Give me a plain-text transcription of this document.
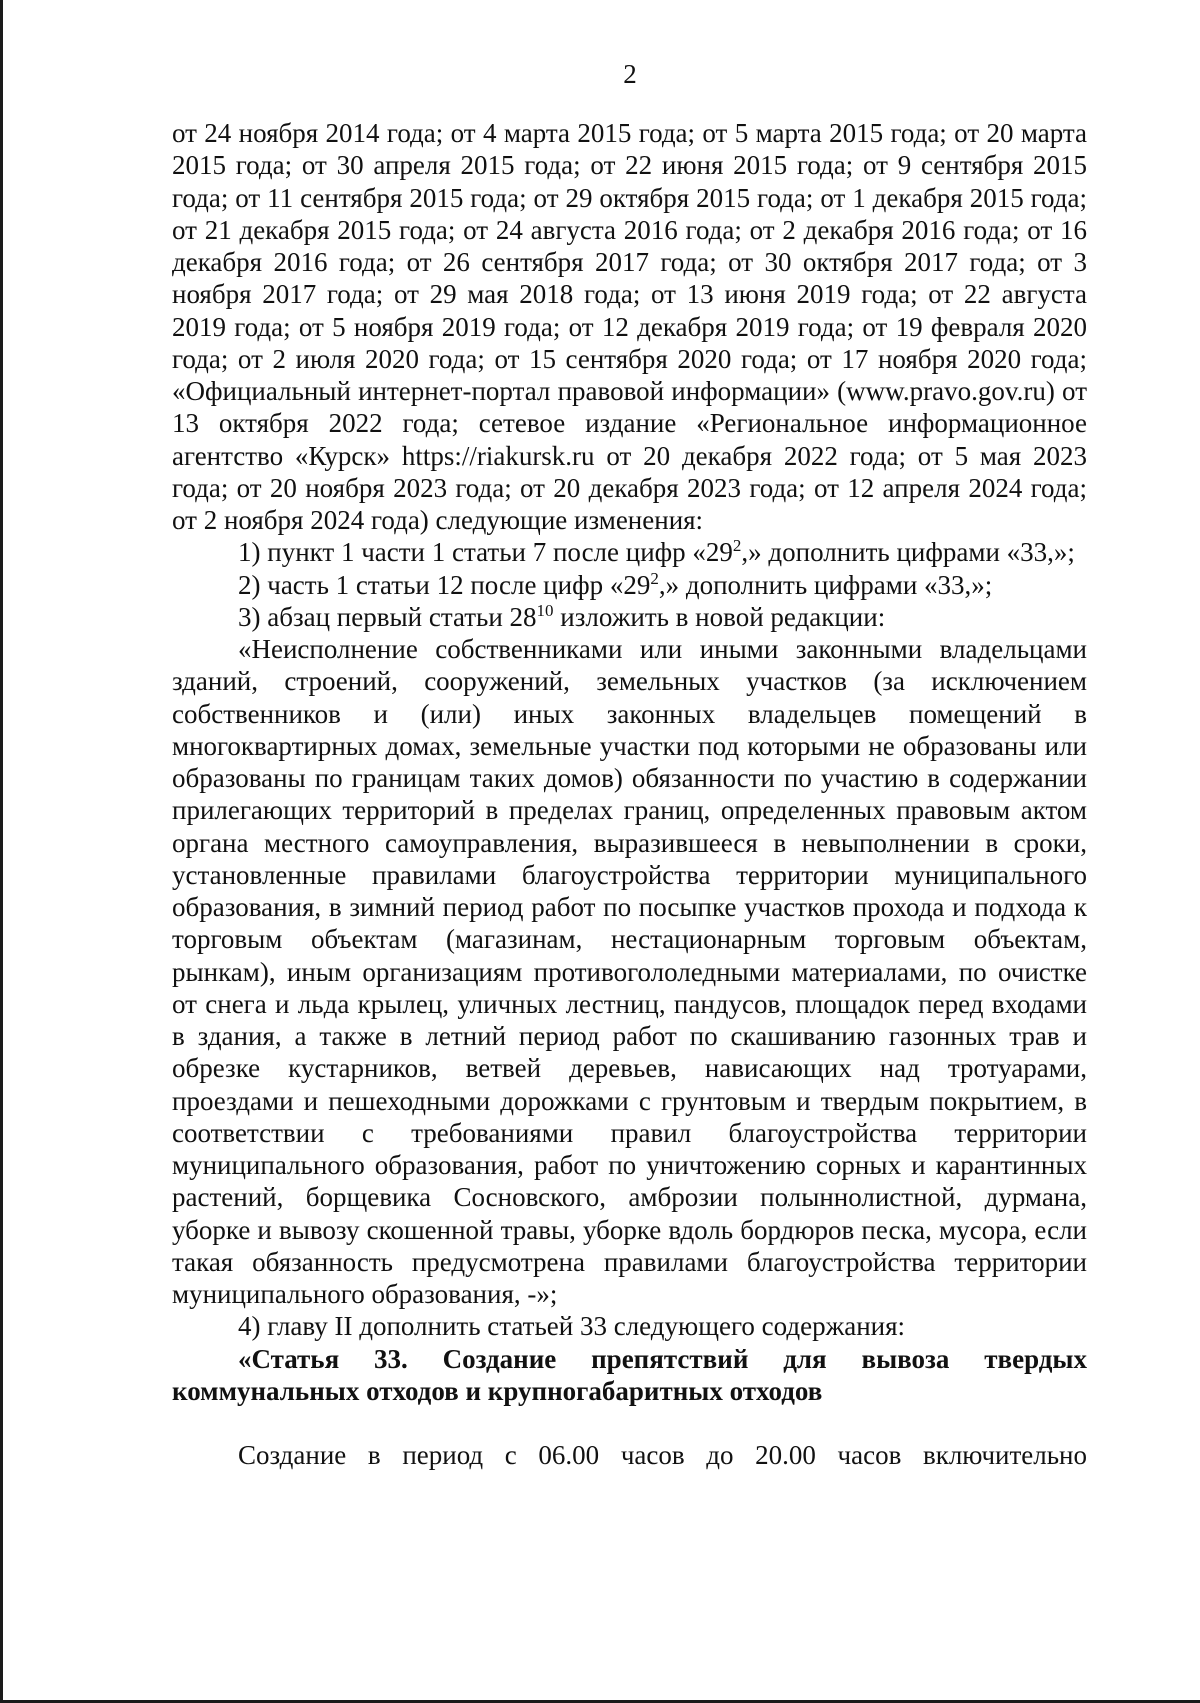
2

от 24 ноября 2014 года; от 4 марта 2015 года; от 5 марта 2015 года; от 20 марта 2015 года; от 30 апреля 2015 года; от 22 июня 2015 года; от 9 сентября 2015 года; от 11 сентября 2015 года; от 29 октября 2015 года; от 1 декабря 2015 года; от 21 декабря 2015 года; от 24 августа 2016 года; от 2 декабря 2016 года; от 16 декабря 2016 года; от 26 сентября 2017 года; от 30 октября 2017 года; от 3 ноября 2017 года; от 29 мая 2018 года; от 13 июня 2019 года; от 22 августа 2019 года; от 5 ноября 2019 года; от 12 декабря 2019 года; от 19 февраля 2020 года; от 2 июля 2020 года; от 15 сентября 2020 года; от 17 ноября 2020 года; «Официальный интернет-портал правовой информации» (www.pravo.gov.ru) от 13 октября 2022 года; сетевое издание «Региональное информационное агентство «Курск» https://riakursk.ru от 20 декабря 2022 года; от 5 мая 2023 года; от 20 ноября 2023 года; от 20 декабря 2023 года; от 12 апреля 2024 года; от 2 ноября 2024 года) следующие изменения:

1) пункт 1 части 1 статьи 7 после цифр «$29^2$,» дополнить цифрами «33,»;

2) часть 1 статьи 12 после цифр «$29^2$,» дополнить цифрами «33,»;

3) абзац первый статьи $28^{10}$ изложить в новой редакции:

«Неисполнение собственниками или иными законными владельцами зданий, строений, сооружений, земельных участков (за исключением собственников и (или) иных законных владельцев помещений в многоквартирных домах, земельные участки под которыми не образованы или образованы по границам таких домов) обязанности по участию в содержании прилегающих территорий в пределах границ, определенных правовым актом органа местного самоуправления, выразившееся в невыполнении в сроки, установленные правилами благоустройства территории муниципального образования, в зимний период работ по посыпке участков прохода и подхода к торговым объектам (магазинам, нестационарным торговым объектам, рынкам), иным организациям противогололедными материалами, по очистке от снега и льда крылец, уличных лестниц, пандусов, площадок перед входами в здания, а также в летний период работ по скашиванию газонных трав и обрезке кустарников, ветвей деревьев, нависающих над тротуарами, проездами и пешеходными дорожками с грунтовым и твердым покрытием, в соответствии с требованиями правил благоустройства территории муниципального образования, работ по уничтожению сорных и карантинных растений, борщевика Сосновского, амброзии полыннолистной, дурмана, уборке и вывозу скошенной травы, уборке вдоль бордюров песка, мусора, если такая обязанность предусмотрена правилами благоустройства территории муниципального образования, -»;

4) главу II дополнить статьей 33 следующего содержания:

«Статья 33. Создание препятствий для вывоза твердых коммунальных отходов и крупногабаритных отходов

Создание в период с 06.00 часов до 20.00 часов включительно
